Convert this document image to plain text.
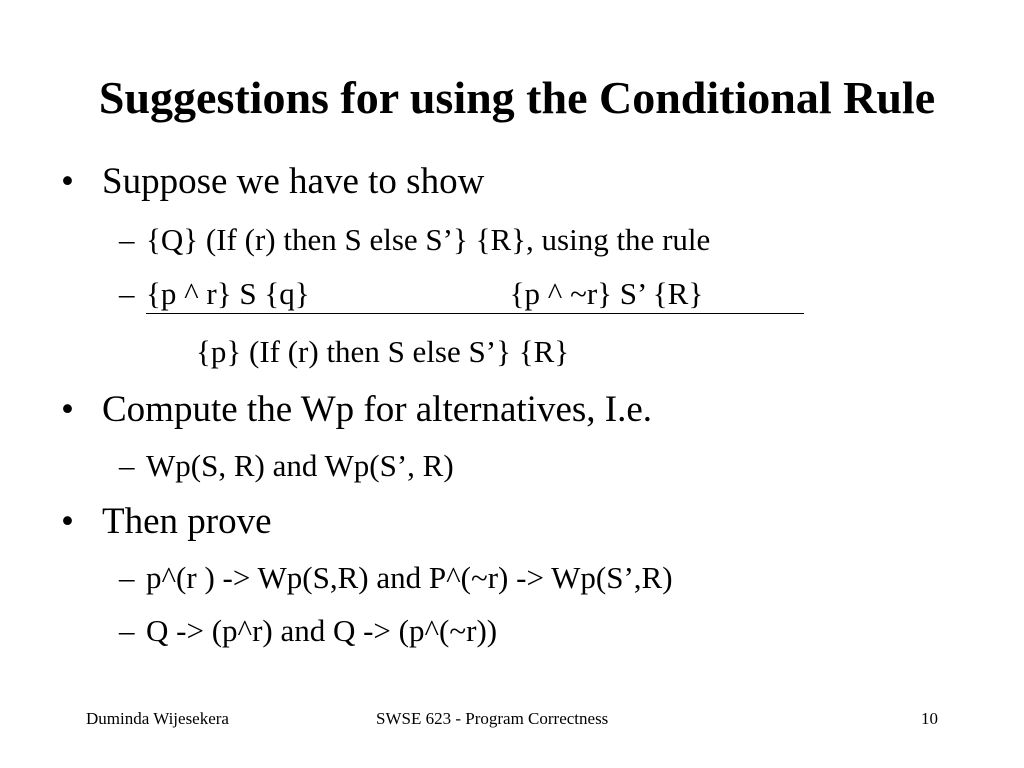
Suggestions for using the Conditional Rule
• Suppose we have to show
– {Q} (If (r) then S else S’} {R}, using the rule
– {p ^ r} S {q}	{p ^ ~r} S’ {R}
{p} (If (r) then S else S’} {R}
• Compute the Wp for alternatives, I.e.
– Wp(S, R) and Wp(S’, R)
• Then prove
– p^(r ) -> Wp(S,R) and P^(~r) -> Wp(S’,R)
– Q -> (p^r) and Q -> (p^(~r))
Duminda Wijesekera	SWSE 623 - Program Correctness	10
